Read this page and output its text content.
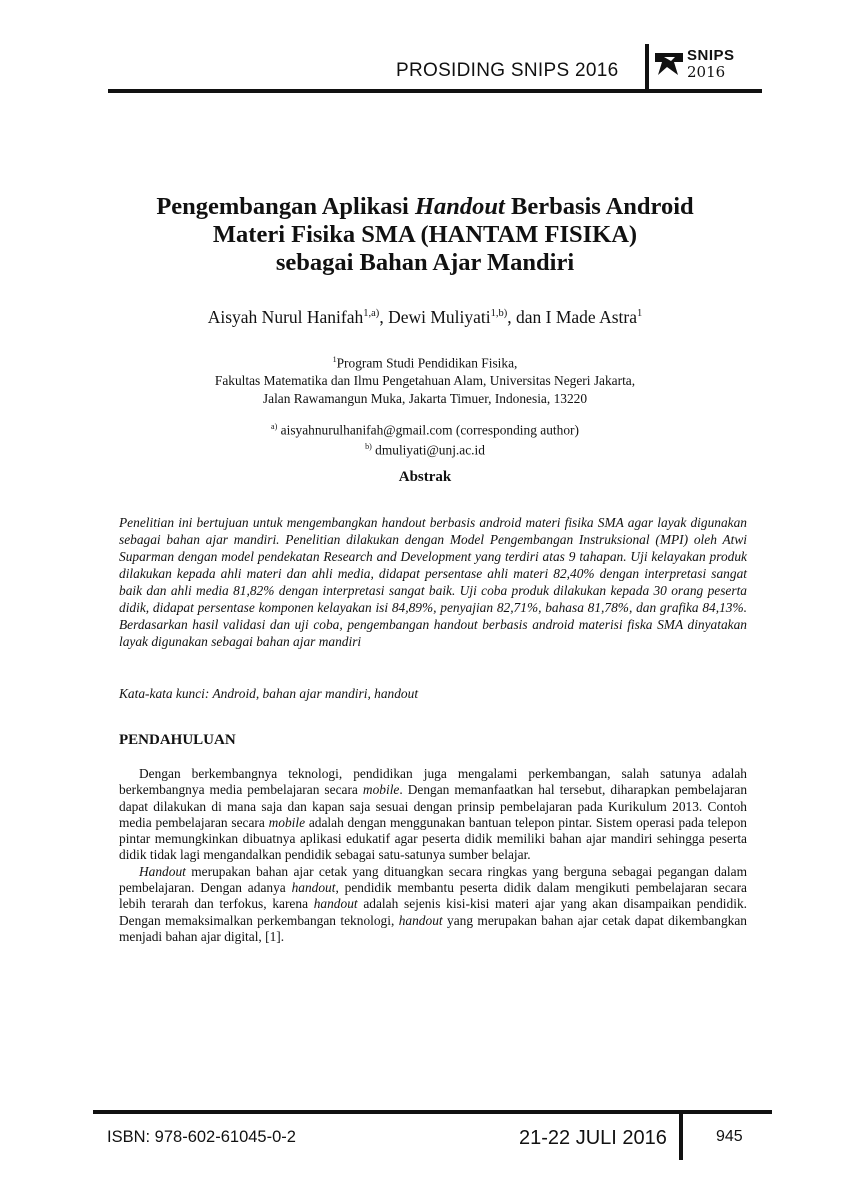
PROSIDING SNIPS 2016
SNIPS
2016
Pengembangan Aplikasi Handout Berbasis Android
Materi Fisika SMA (HANTAM FISIKA)
sebagai Bahan Ajar Mandiri
Aisyah Nurul Hanifah$^{1,a)}$, Dewi Muliyati$^{1,b)}$, dan I Made Astra$^1$
$^1$Program Studi Pendidikan Fisika,
Fakultas Matematika dan Ilmu Pengetahuan Alam, Universitas Negeri Jakarta,
Jalan Rawamangun Muka, Jakarta Timuer, Indonesia, 13220
$^{a)}$ aisyahnurulhanifah@gmail.com (corresponding author)
$^{b)}$ dmuliyati@unj.ac.id
Abstrak

Penelitian ini bertujuan untuk mengembangkan handout berbasis android materi fisika SMA agar layak digunakan sebagai bahan ajar mandiri. Penelitian dilakukan dengan Model Pengembangan Instruksional (MPI) oleh Atwi Suparman dengan model pendekatan Research and Development yang terdiri atas 9 tahapan. Uji kelayakan produk dilakukan kepada ahli materi dan ahli media, didapat persentase ahli materi 82,40% dengan interpretasi sangat baik dan ahli media 81,82% dengan interpretasi sangat baik. Uji coba produk dilakukan kepada 30 orang peserta didik, didapat persentase komponen kelayakan isi 84,89%, penyajian 82,71%, bahasa 81,78%, dan grafika 84,13%. Berdasarkan hasil validasi dan uji coba, pengembangan handout berbasis android materisi fiska SMA dinyatakan layak digunakan sebagai bahan ajar mandiri

Kata-kata kunci: Android, bahan ajar mandiri, handout
PENDAHULUAN

Dengan berkembangnya teknologi, pendidikan juga mengalami perkembangan, salah satunya adalah berkembangnya media pembelajaran secara mobile. Dengan memanfaatkan hal tersebut, diharapkan pembelajaran dapat dilakukan di mana saja dan kapan saja sesuai dengan prinsip pembelajaran pada Kurikulum 2013. Contoh media pembelajaran secara mobile adalah dengan menggunakan bantuan telepon pintar. Sistem operasi pada telepon pintar memungkinkan dibuatnya aplikasi edukatif agar peserta didik memiliki bahan ajar mandiri sehingga peserta didik tidak lagi mengandalkan pendidik sebagai satu-satunya sumber belajar.

Handout merupakan bahan ajar cetak yang dituangkan secara ringkas yang berguna sebagai pegangan dalam pembelajaran. Dengan adanya handout, pendidik membantu peserta didik dalam mengikuti pembelajaran secara lebih terarah dan terfokus, karena handout adalah sejenis kisi-kisi materi ajar yang akan disampaikan pendidik. Dengan memaksimalkan perkembangan teknologi, handout yang merupakan bahan ajar cetak dapat dikembangkan menjadi bahan ajar digital, [1].

ISBN: 978-602-61045-0-2	21-22 JULI 2016	945
